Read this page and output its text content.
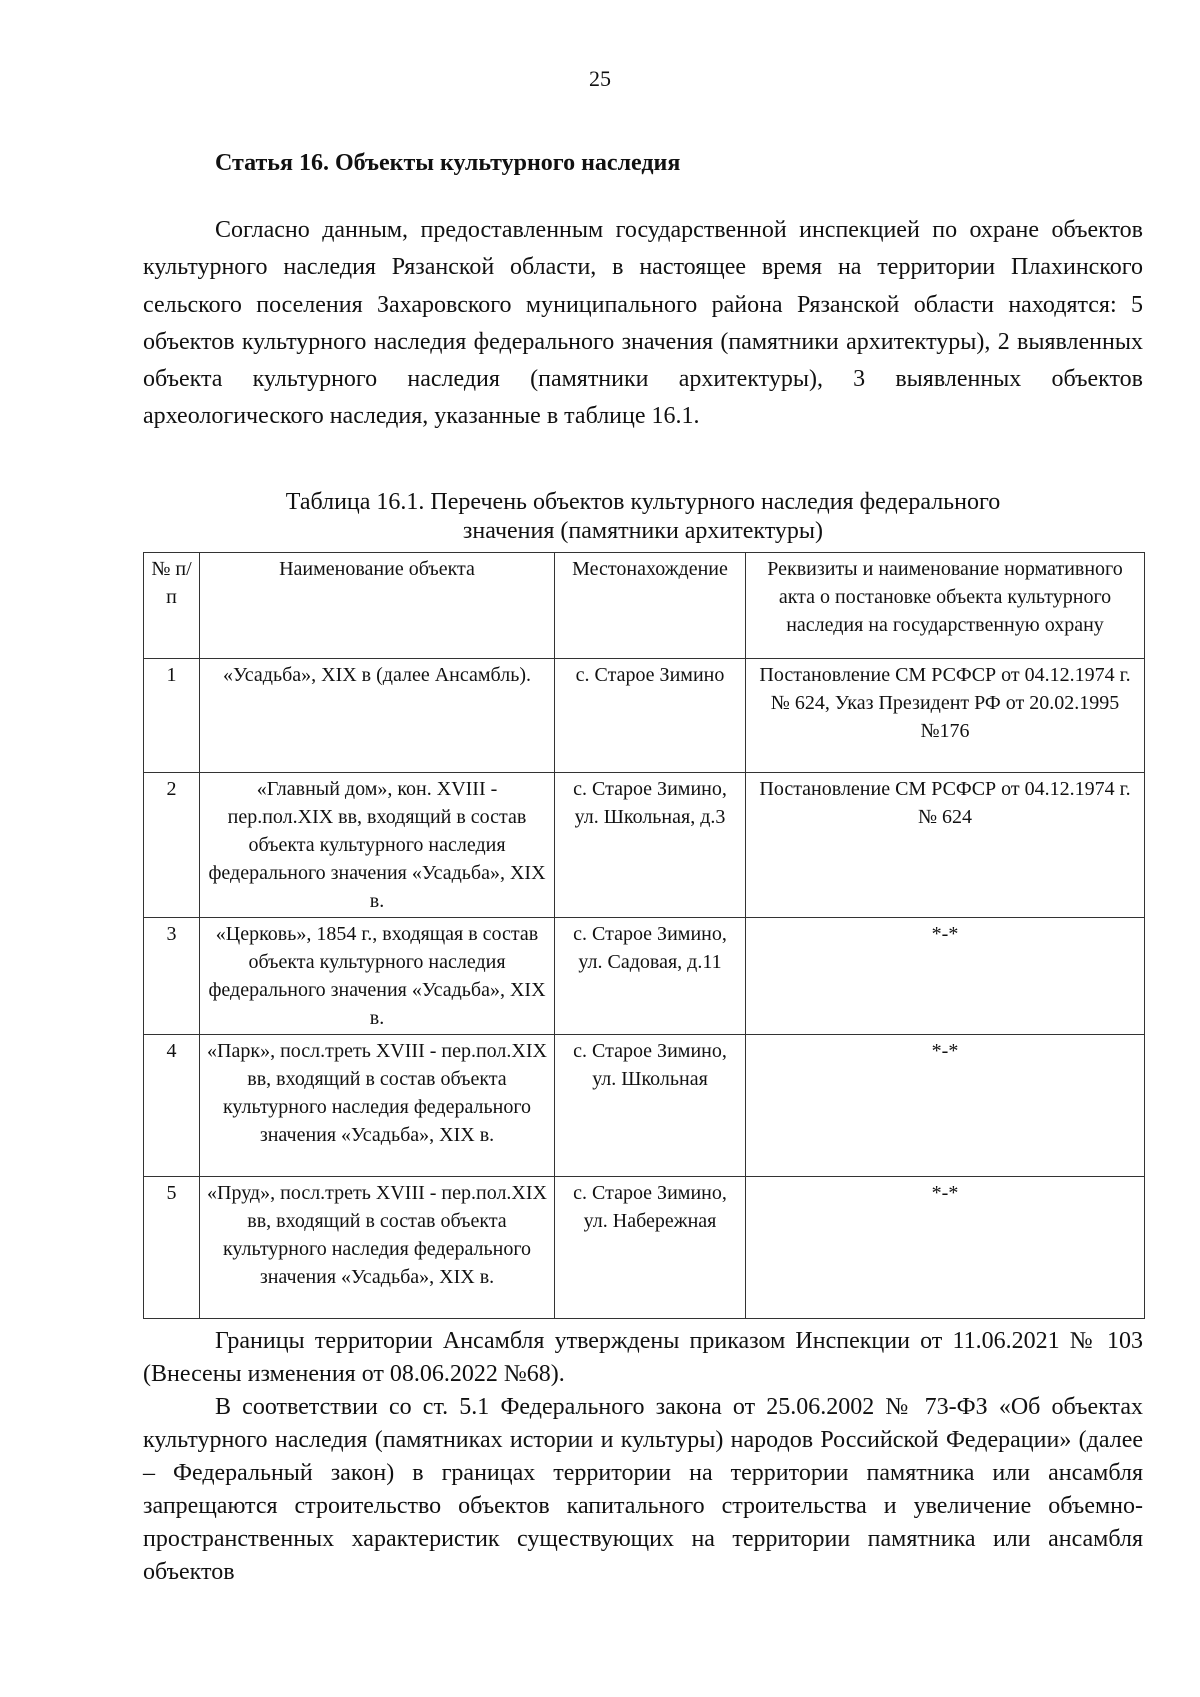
25
Статья 16. Объекты культурного наследия

Согласно данным, предоставленным государственной инспекцией по охране объектов культурного наследия Рязанской области, в настоящее время на территории Плахинского сельского поселения Захаровского муниципального района Рязанской области находятся: 5 объектов культурного наследия федерального значения (памятники архитектуры), 2 выявленных объекта культурного наследия (памятники архитектуры), 3 выявленных объектов археологического наследия, указанные в таблице 16.1.

Таблица 16.1. Перечень объектов культурного наследия федерального
значения (памятники архитектуры)
№ п/п	Наименование объекта	Местонахождение	Реквизиты и наименование нормативного акта о постановке объекта культурного наследия на государственную охрану
1	«Усадьба», XIX в (далее Ансамбль).	с. Старое Зимино	Постановление СМ РСФСР от 04.12.1974 г. № 624, Указ Президент РФ от 20.02.1995 №176
2	«Главный дом», кон. XVIII - пер.пол.XIX вв, входящий в состав объекта культурного наследия федерального значения «Усадьба», XIX в.	с. Старое Зимино, ул. Школьная, д.3	Постановление СМ РСФСР от 04.12.1974 г. № 624
3	«Церковь», 1854 г., входящая в состав объекта культурного наследия федерального значения «Усадьба», XIX в.	с. Старое Зимино, ул. Садовая, д.11	*-*
4	«Парк», посл.треть XVIII - пер.пол.XIX вв, входящий в состав объекта культурного наследия федерального значения «Усадьба», XIX в.	с. Старое Зимино, ул. Школьная	*-*
5	«Пруд», посл.треть XVIII - пер.пол.XIX вв, входящий в состав объекта культурного наследия федерального значения «Усадьба», XIX в.	с. Старое Зимино, ул. Набережная	*-*

Границы территории Ансамбля утверждены приказом Инспекции от 11.06.2021 № 103 (Внесены изменения от 08.06.2022 №68).

В соответствии со ст. 5.1 Федерального закона от 25.06.2002 № 73-ФЗ «Об объектах культурного наследия (памятниках истории и культуры) народов Российской Федерации» (далее – Федеральный закон) в границах территории на территории памятника или ансамбля запрещаются строительство объектов капитального строительства и увеличение объемно-пространственных характеристик существующих на территории памятника или ансамбля объектов
